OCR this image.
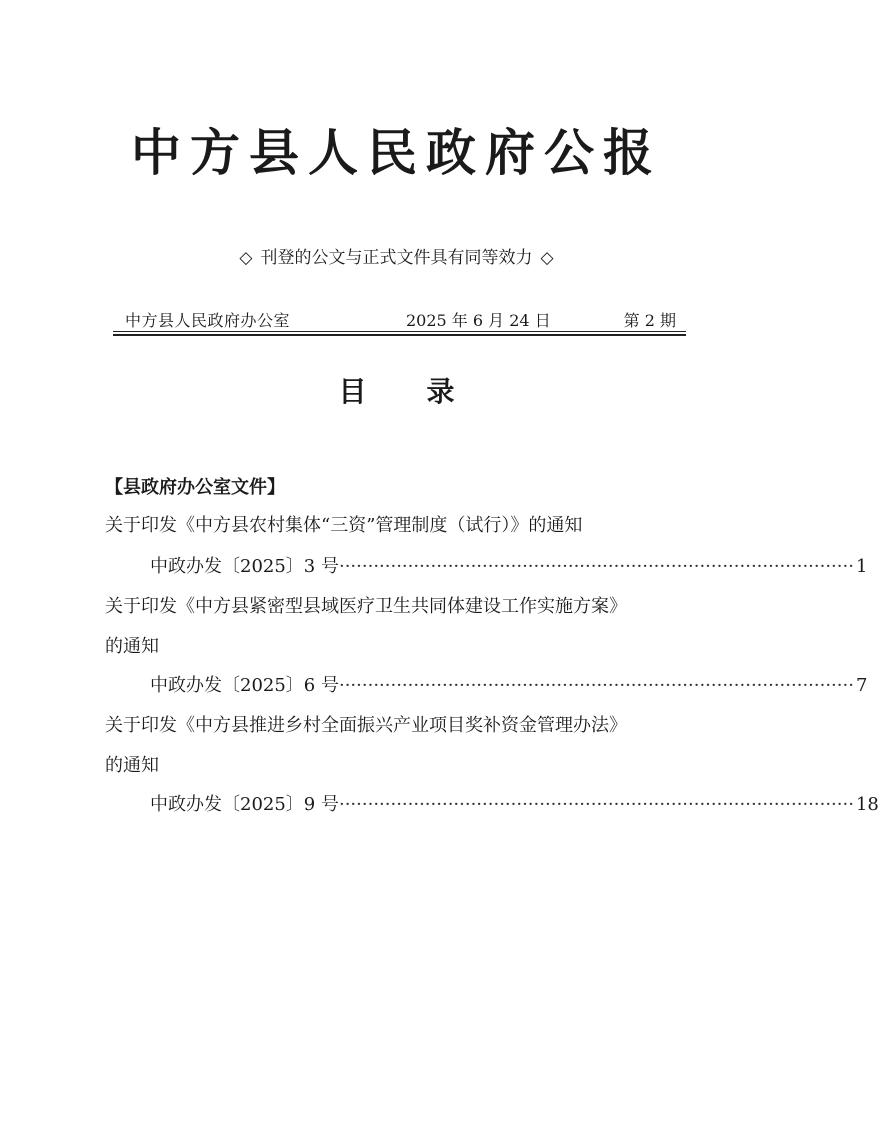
中方县人民政府公报
◇ 刊登的公文与正式文件具有同等效力 ◇
中方县人民政府办公室	2025 年 6 月 24 日	第 2 期
目 录
【县政府办公室文件】
关于印发《中方县农村集体“三资”管理制度（试行）》的通知
中政办发〔2025〕3 号 ·························································································· 1
关于印发《中方县紧密型县域医疗卫生共同体建设工作实施方案》
的通知
中政办发〔2025〕6 号 ·························································································· 7
关于印发《中方县推进乡村全面振兴产业项目奖补资金管理办法》
的通知
中政办发〔2025〕9 号 ·························································································· 18
